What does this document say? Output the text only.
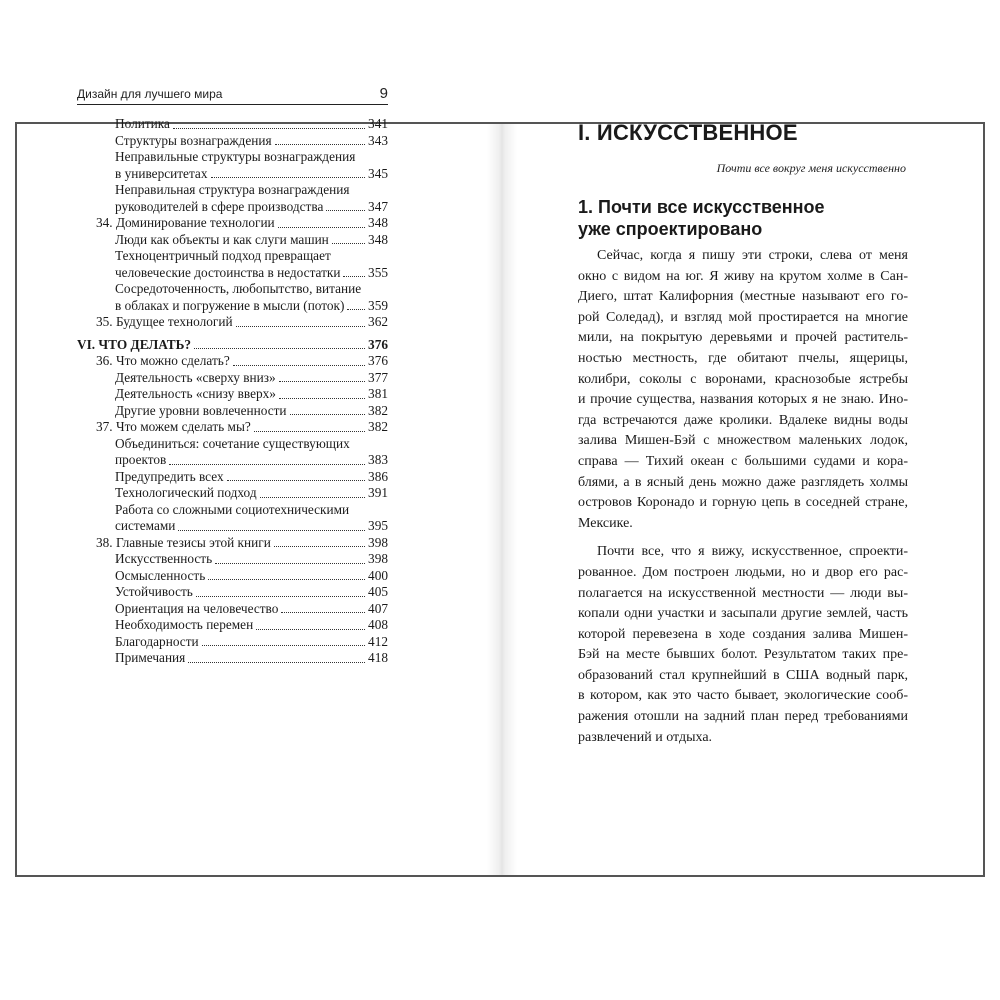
Дизайн для лучшего мира	9
Политика	341
Структуры вознаграждения	343
Неправильные структуры вознаграждения
в университетах	345
Неправильная структура вознаграждения
руководителей в сфере производства	347
34. Доминирование технологии	348
Люди как объекты и как слуги машин	348
Техноцентричный подход превращает
человеческие достоинства в недостатки 355
Сосредоточенность, любопытство, витание
в облаках и погружение в мысли (поток) 359
35. Будущее технологий	362
VI. ЧТО ДЕЛАТЬ?	376
36. Что можно сделать?	376
Деятельность «сверху вниз»	377
Деятельность «снизу вверх»	381
Другие уровни вовлеченности	382
37. Что можем сделать мы?	382
Объединиться: сочетание существующих
проектов	383
Предупредить всех	386
Технологический подход	391
Работа со сложными социотехническими
системами	395
38. Главные тезисы этой книги	398
Искусственность	398
Осмысленность	400
Устойчивость	405
Ориентация на человечество	407
Необходимость перемен	408
Благодарности	412
Примечания	418
I. ИСКУССТВЕННОЕ
Почти все вокруг меня искусственно
1. Почти все искусственное
уже спроектировано
Сейчас, когда я пишу эти строки, слева от меня
окно с видом на юг. Я живу на крутом холме в Сан-
Диего, штат Калифорния (местные называют его го-
рой Соледад), и взгляд мой простирается на многие
мили, на покрытую деревьями и прочей раститель-
ностью местность, где обитают пчелы, ящерицы,
колибри, соколы с воронами, краснозобые ястребы
и прочие существа, названия которых я не знаю. Ино-
гда встречаются даже кролики. Вдалеке видны воды
залива Мишен-Бэй с множеством маленьких лодок,
справа — Тихий океан с большими судами и кора-
блями, а в ясный день можно даже разглядеть холмы
островов Коронадо и горную цепь в соседней стране,
Мексике.
Почти все, что я вижу, искусственное, спроекти-
рованное. Дом построен людьми, но и двор его рас-
полагается на искусственной местности — люди вы-
копали одни участки и засыпали другие землей, часть
которой перевезена в ходе создания залива Мишен-
Бэй на месте бывших болот. Результатом таких пре-
образований стал крупнейший в США водный парк,
в котором, как это часто бывает, экологические сооб-
ражения отошли на задний план перед требованиями
развлечений и отдыха.
